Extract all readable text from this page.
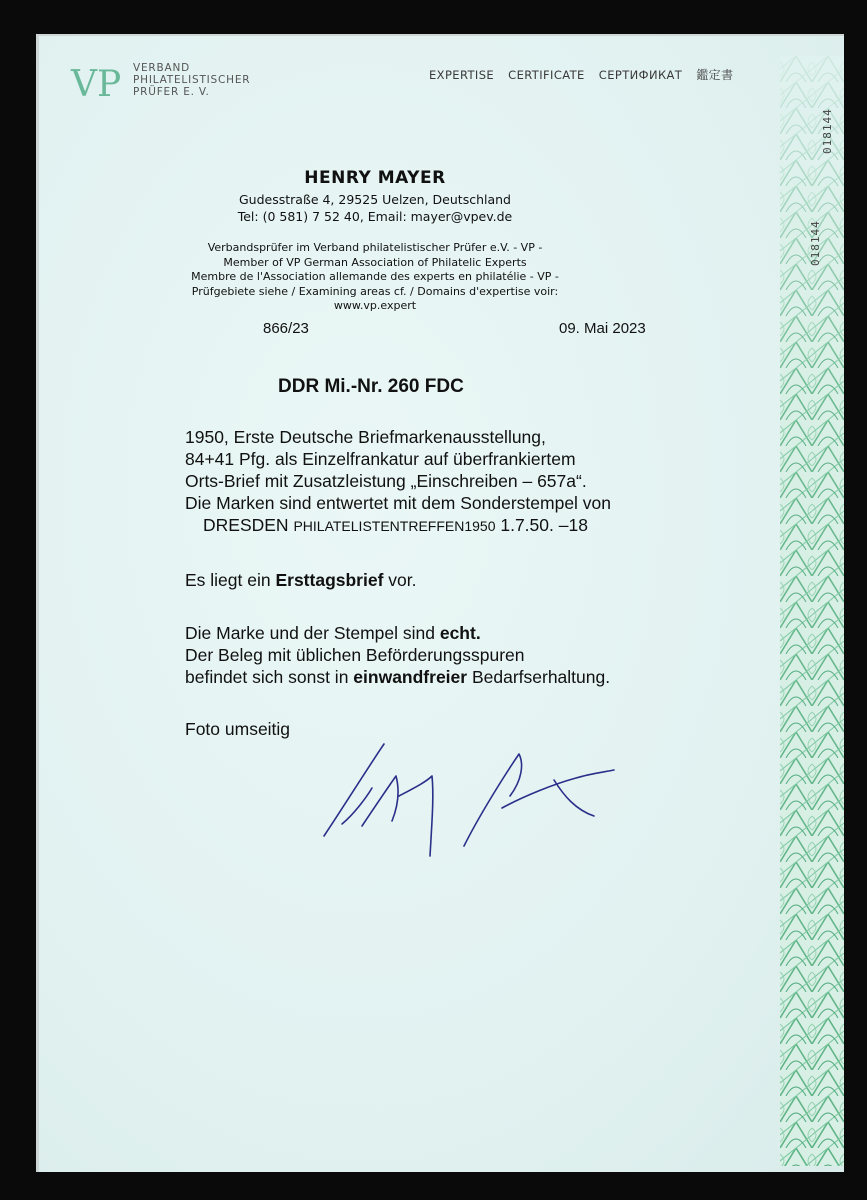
VP VERBAND
PHILATELISTISCHER
PRÜFER E. V.
EXPERTISE CERTIFICATE СЕРТИФИКАТ 鑑定書
018144
018144
HENRY MAYER
Gudesstraße 4, 29525 Uelzen, Deutschland
Tel: (0 581) 7 52 40, Email: mayer@vpev.de
Verbandsprüfer im Verband philatelistischer Prüfer e.V. - VP -
Member of VP German Association of Philatelic Experts
Membre de l'Association allemande des experts en philatélie - VP -
Prüfgebiete siehe / Examining areas cf. / Domains d'expertise voir:
www.vp.expert
866/23	09. Mai 2023
DDR Mi.-Nr. 260 FDC
1950, Erste Deutsche Briefmarkenausstellung,
84+41 Pfg. als Einzelfrankatur auf überfrankiertem
Orts-Brief mit Zusatzleistung „Einschreiben – 657a“.
Die Marken sind entwertet mit dem Sonderstempel von
DRESDEN PHILATELISTENTREFFEN1950 1.7.50. –18
Es liegt ein Ersttagsbrief vor.
Die Marke und der Stempel sind echt.
Der Beleg mit üblichen Beförderungsspuren
befindet sich sonst in einwandfreier Bedarfserhaltung.
Foto umseitig
